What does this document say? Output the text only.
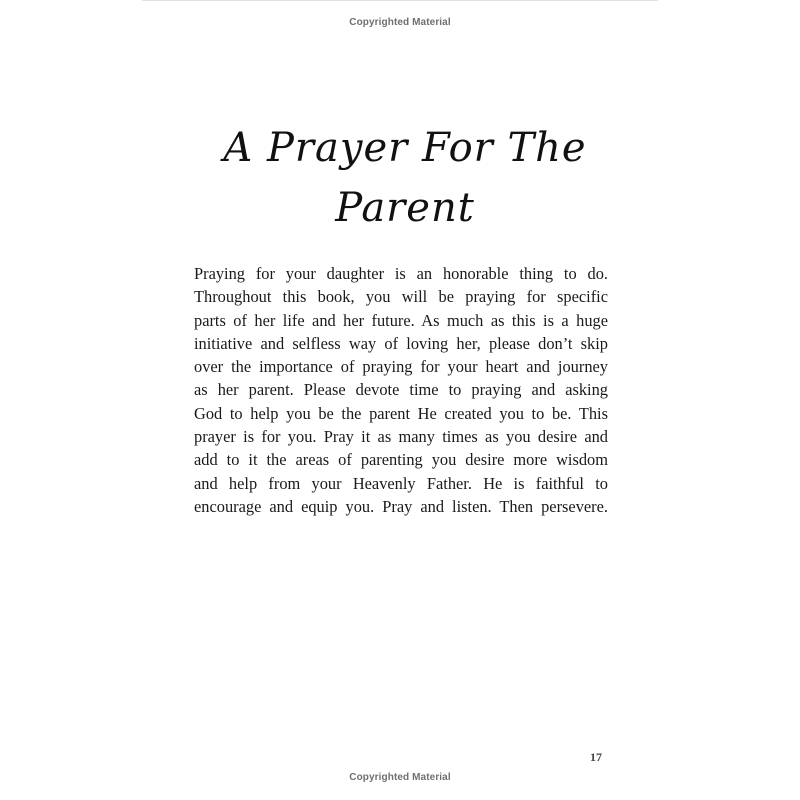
Copyrighted Material
A Prayer For The Parent
Praying for your daughter is an honorable thing to do.
Throughout this book, you will be praying for specific
parts of her life and her future. As much as this is a huge
initiative and selfless way of loving her, please don’t skip
over the importance of praying for your heart and journey
as her parent. Please devote time to praying and asking
God to help you be the parent He created you to be. This
prayer is for you. Pray it as many times as you desire and
add to it the areas of parenting you desire more wisdom
and help from your Heavenly Father. He is faithful to
encourage and equip you. Pray and listen. Then persevere.
17
Copyrighted Material
